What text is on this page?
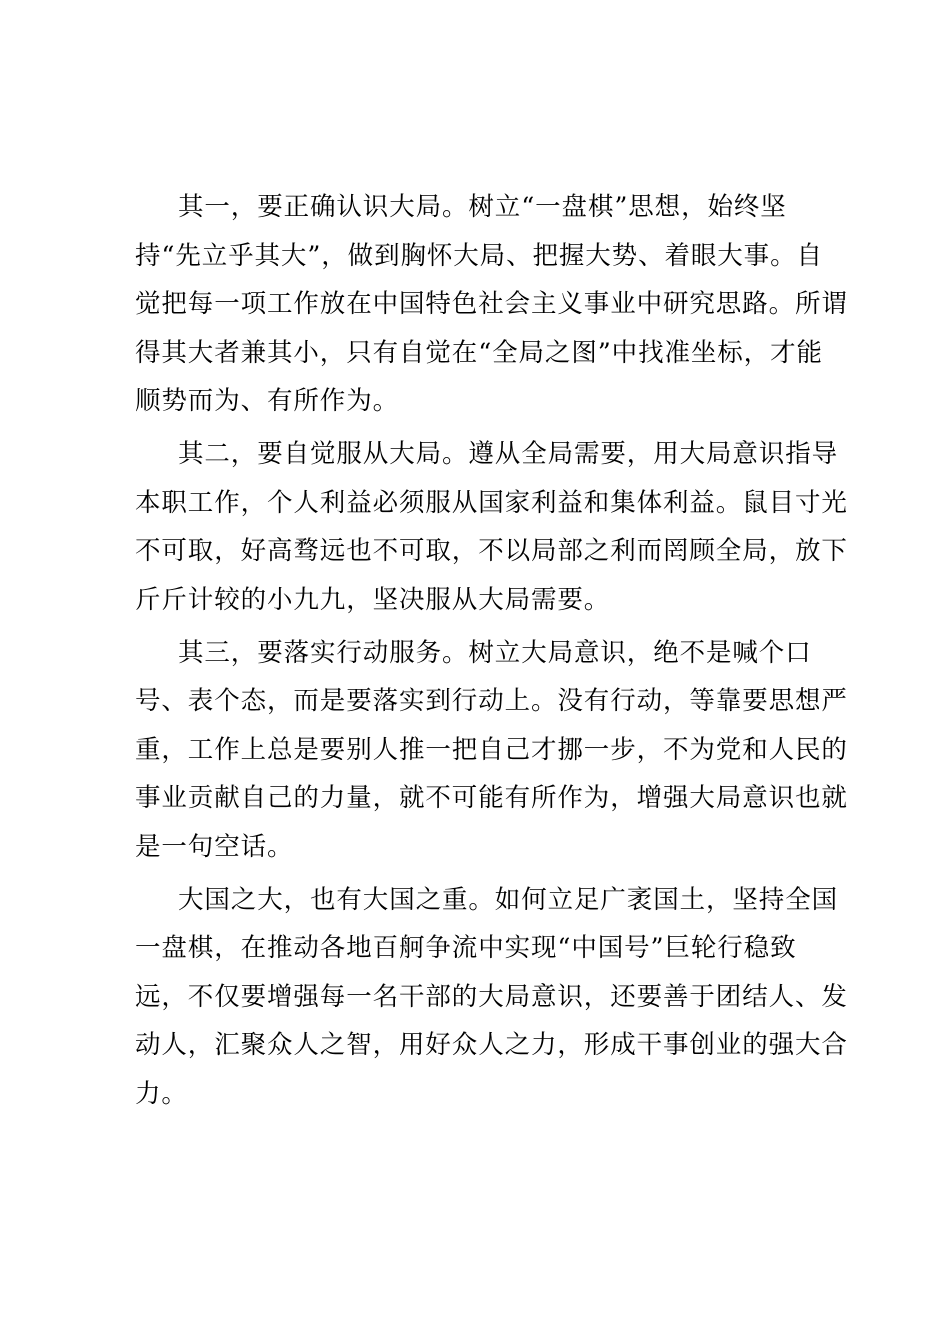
其一，要正确认识大局。树立“一盘棋”思想，始终坚
持“先立乎其大”，做到胸怀大局、把握大势、着眼大事。自
觉把每一项工作放在中国特色社会主义事业中研究思路。所谓
得其大者兼其小，只有自觉在“全局之图”中找准坐标，才能
顺势而为、有所作为。
其二，要自觉服从大局。遵从全局需要，用大局意识指导
本职工作，个人利益必须服从国家利益和集体利益。鼠目寸光
不可取，好高骛远也不可取，不以局部之利而罔顾全局，放下
斤斤计较的小九九，坚决服从大局需要。
其三，要落实行动服务。树立大局意识，绝不是喊个口
号、表个态，而是要落实到行动上。没有行动，等靠要思想严
重，工作上总是要别人推一把自己才挪一步，不为党和人民的
事业贡献自己的力量，就不可能有所作为，增强大局意识也就
是一句空话。
大国之大，也有大国之重。如何立足广袤国土，坚持全国
一盘棋，在推动各地百舸争流中实现“中国号”巨轮行稳致
远，不仅要增强每一名干部的大局意识，还要善于团结人、发
动人，汇聚众人之智，用好众人之力，形成干事创业的强大合
力。
